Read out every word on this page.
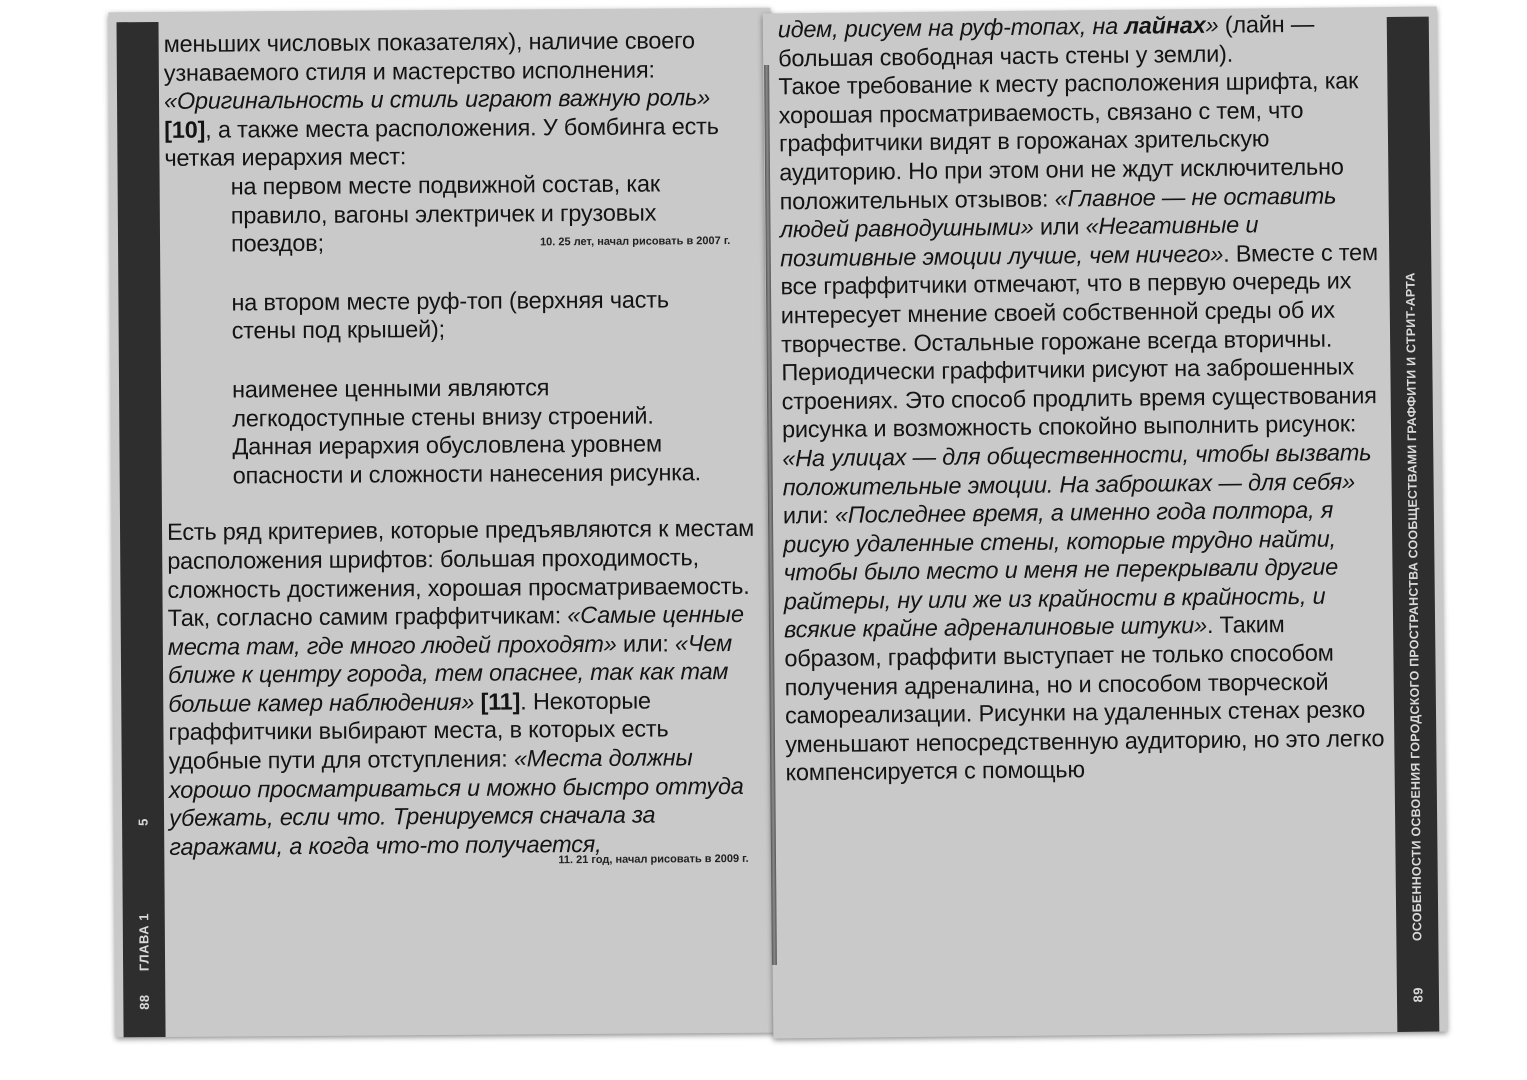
88
ГЛАВА 1
5

меньших числовых показателях), наличие своего узнаваемого стиля и мастерство исполнения: «Оригинальность и стиль играют важную роль» [10], а также места расположения. У бомбинга есть четкая иерархия мест:

на первом месте подвижной состав, как правило, вагоны электричек и грузовых поездов;

на втором месте руф-топ (верхняя часть стены под крышей);

наименее ценными являются легкодоступные стены внизу строений. Данная иерархия обусловлена уровнем опасности и сложности нанесения рисунка.

Есть ряд критериев, которые предъявляются к местам расположения шрифтов: большая проходимость, сложность достижения, хорошая просматриваемость. Так, согласно самим граффитчикам: «Самые ценные места там, где много людей проходят» или: «Чем ближе к центру города, тем опаснее, так как там больше камер наблюдения» [11]. Некоторые граффитчики выбирают места, в которых есть удобные пути для отступления: «Места должны хорошо просматриваться и можно быстро оттуда убежать, если что. Тренируемся сначала за гаражами, а когда что-то получается,

10. 25 лет, начал рисовать в 2007 г.
11. 21 год, начал рисовать в 2009 г.

идем, рисуем на руф-топах, на лайнах» (лайн — большая свободная часть стены у земли).

Такое требование к месту расположения шрифта, как хорошая просматриваемость, связано с тем, что граффитчики видят в горожанах зрительскую аудиторию. Но при этом они не ждут исключительно положительных отзывов: «Главное — не оставить людей равнодушными» или «Негативные и позитивные эмоции лучше, чем ничего». Вместе с тем все граффитчики отмечают, что в первую очередь их интересует мнение своей собственной среды об их творчестве. Остальные горожане всегда вторичны. Периодически граффитчики рисуют на заброшенных строениях. Это способ продлить время существования рисунка и возможность спокойно выполнить рисунок: «На улицах — для общественности, чтобы вызвать положительные эмоции. На заброшках — для себя» или: «Последнее время, а именно года полтора, я рисую удаленные стены, которые трудно найти, чтобы было место и меня не перекрывали другие райтеры, ну или же из крайности в крайность, и всякие крайне адреналиновые штуки». Таким образом, граффити выступает не только способом получения адреналина, но и способом творческой самореализации. Рисунки на удаленных стенах резко уменьшают непосредственную аудиторию, но это легко компенсируется с помощью

89
ОСОБЕННОСТИ ОСВОЕНИЯ ГОРОДСКОГО ПРОСТРАНСТВА СООБЩЕСТВАМИ ГРАФФИТИ И СТРИТ-АРТА
